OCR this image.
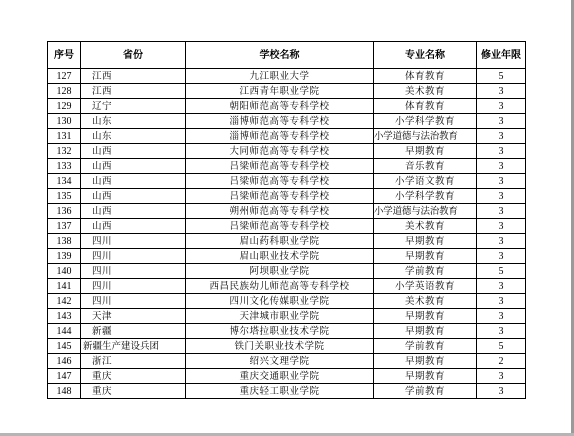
序号	省份	学校名称	专业名称	修业年限
127	江西	九江职业大学	体育教育	5
128	江西	江西青年职业学院	美术教育	3
129	辽宁	朝阳师范高等专科学校	体育教育	3
130	山东	淄博师范高等专科学校	小学科学教育	3
131	山东	淄博师范高等专科学校	小学道德与法治教育	3
132	山西	大同师范高等专科学校	早期教育	3
133	山西	吕梁师范高等专科学校	音乐教育	3
134	山西	吕梁师范高等专科学校	小学语文教育	3
135	山西	吕梁师范高等专科学校	小学科学教育	3
136	山西	朔州师范高等专科学校	小学道德与法治教育	3
137	山西	吕梁师范高等专科学校	美术教育	3
138	四川	眉山药科职业学院	早期教育	3
139	四川	眉山职业技术学院	早期教育	3
140	四川	阿坝职业学院	学前教育	5
141	四川	西昌民族幼儿师范高等专科学校	小学英语教育	3
142	四川	四川文化传媒职业学院	美术教育	3
143	天津	天津城市职业学院	早期教育	3
144	新疆	博尔塔拉职业技术学院	早期教育	3
145	新疆生产建设兵团	铁门关职业技术学院	学前教育	5
146	浙江	绍兴文理学院	早期教育	2
147	重庆	重庆交通职业学院	早期教育	3
148	重庆	重庆轻工职业学院	学前教育	3
